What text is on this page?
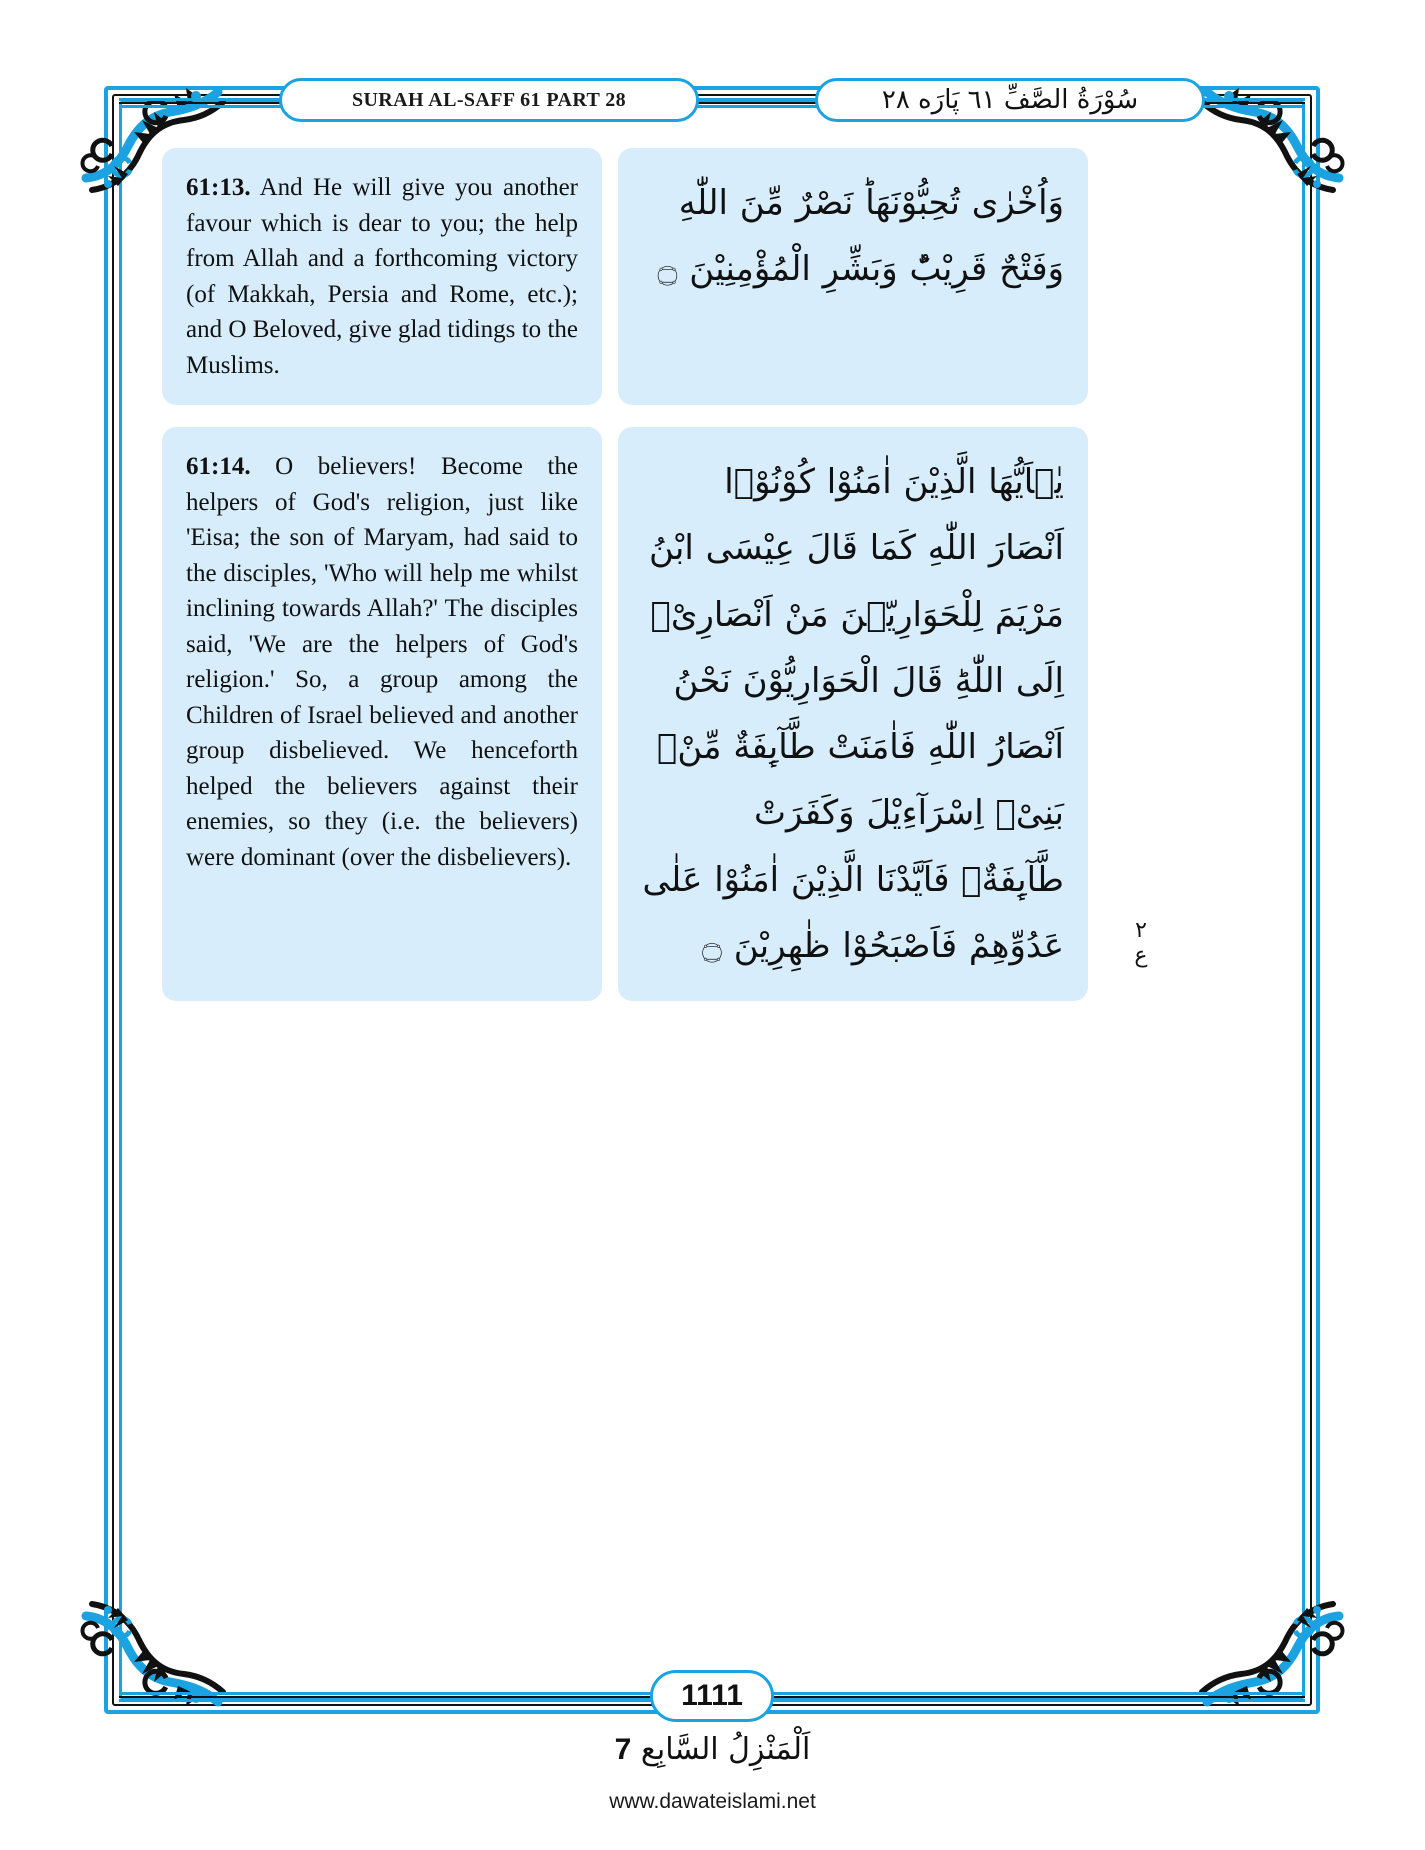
SURAH AL-SAFF 61 PART 28	سُوْرَةُ الصَّفِّ ٦١ پَارَه ٢٨

61:13. And He will give you another favour which is dear to you; the help from Allah and a forthcoming victory (of Makkah, Persia and Rome, etc.); and O Beloved, give glad tidings to the Muslims.

وَاُخْرٰى تُحِبُّوْنَهَاؕ نَصْرٌ مِّنَ اللّٰهِ وَفَتْحٌ قَرِیْبٌؕ وَبَشِّرِ الْمُؤْمِنِیْنَ ۝

61:14. O believers! Become the helpers of God's religion, just like 'Eisa; the son of Maryam, had said to the disciples, 'Who will help me whilst inclining towards Allah?' The disciples said, 'We are the helpers of God's religion.' So, a group among the Children of Israel believed and another group disbelieved. We henceforth helped the believers against their enemies, so they (i.e. the believers) were dominant (over the disbelievers).

یٰۤاَیُّهَا الَّذِیْنَ اٰمَنُوْا كُوْنُوْۤا اَنْصَارَ اللّٰهِ كَمَا قَالَ عِیْسَى ابْنُ مَرْیَمَ لِلْحَوَارِیّٖنَ مَنْ اَنْصَارِیْۤ اِلَى اللّٰهِؕ قَالَ الْحَوَارِیُّوْنَ نَحْنُ اَنْصَارُ اللّٰهِ فَاٰمَنَتْ طَّآىِٕفَةٌ مِّنْۢ بَنِیْۤ اِسْرَآءِیْلَ وَكَفَرَتْ طَّآىِٕفَةٌۚ فَاَیَّدْنَا الَّذِیْنَ اٰمَنُوْا عَلٰى عَدُوِّهِمْ فَاَصْبَحُوْا ظٰهِرِیْنَ ۝	۲
ع
1111
اَلْمَنْزِلُ السَّابِع 7
www.dawateislami.net
